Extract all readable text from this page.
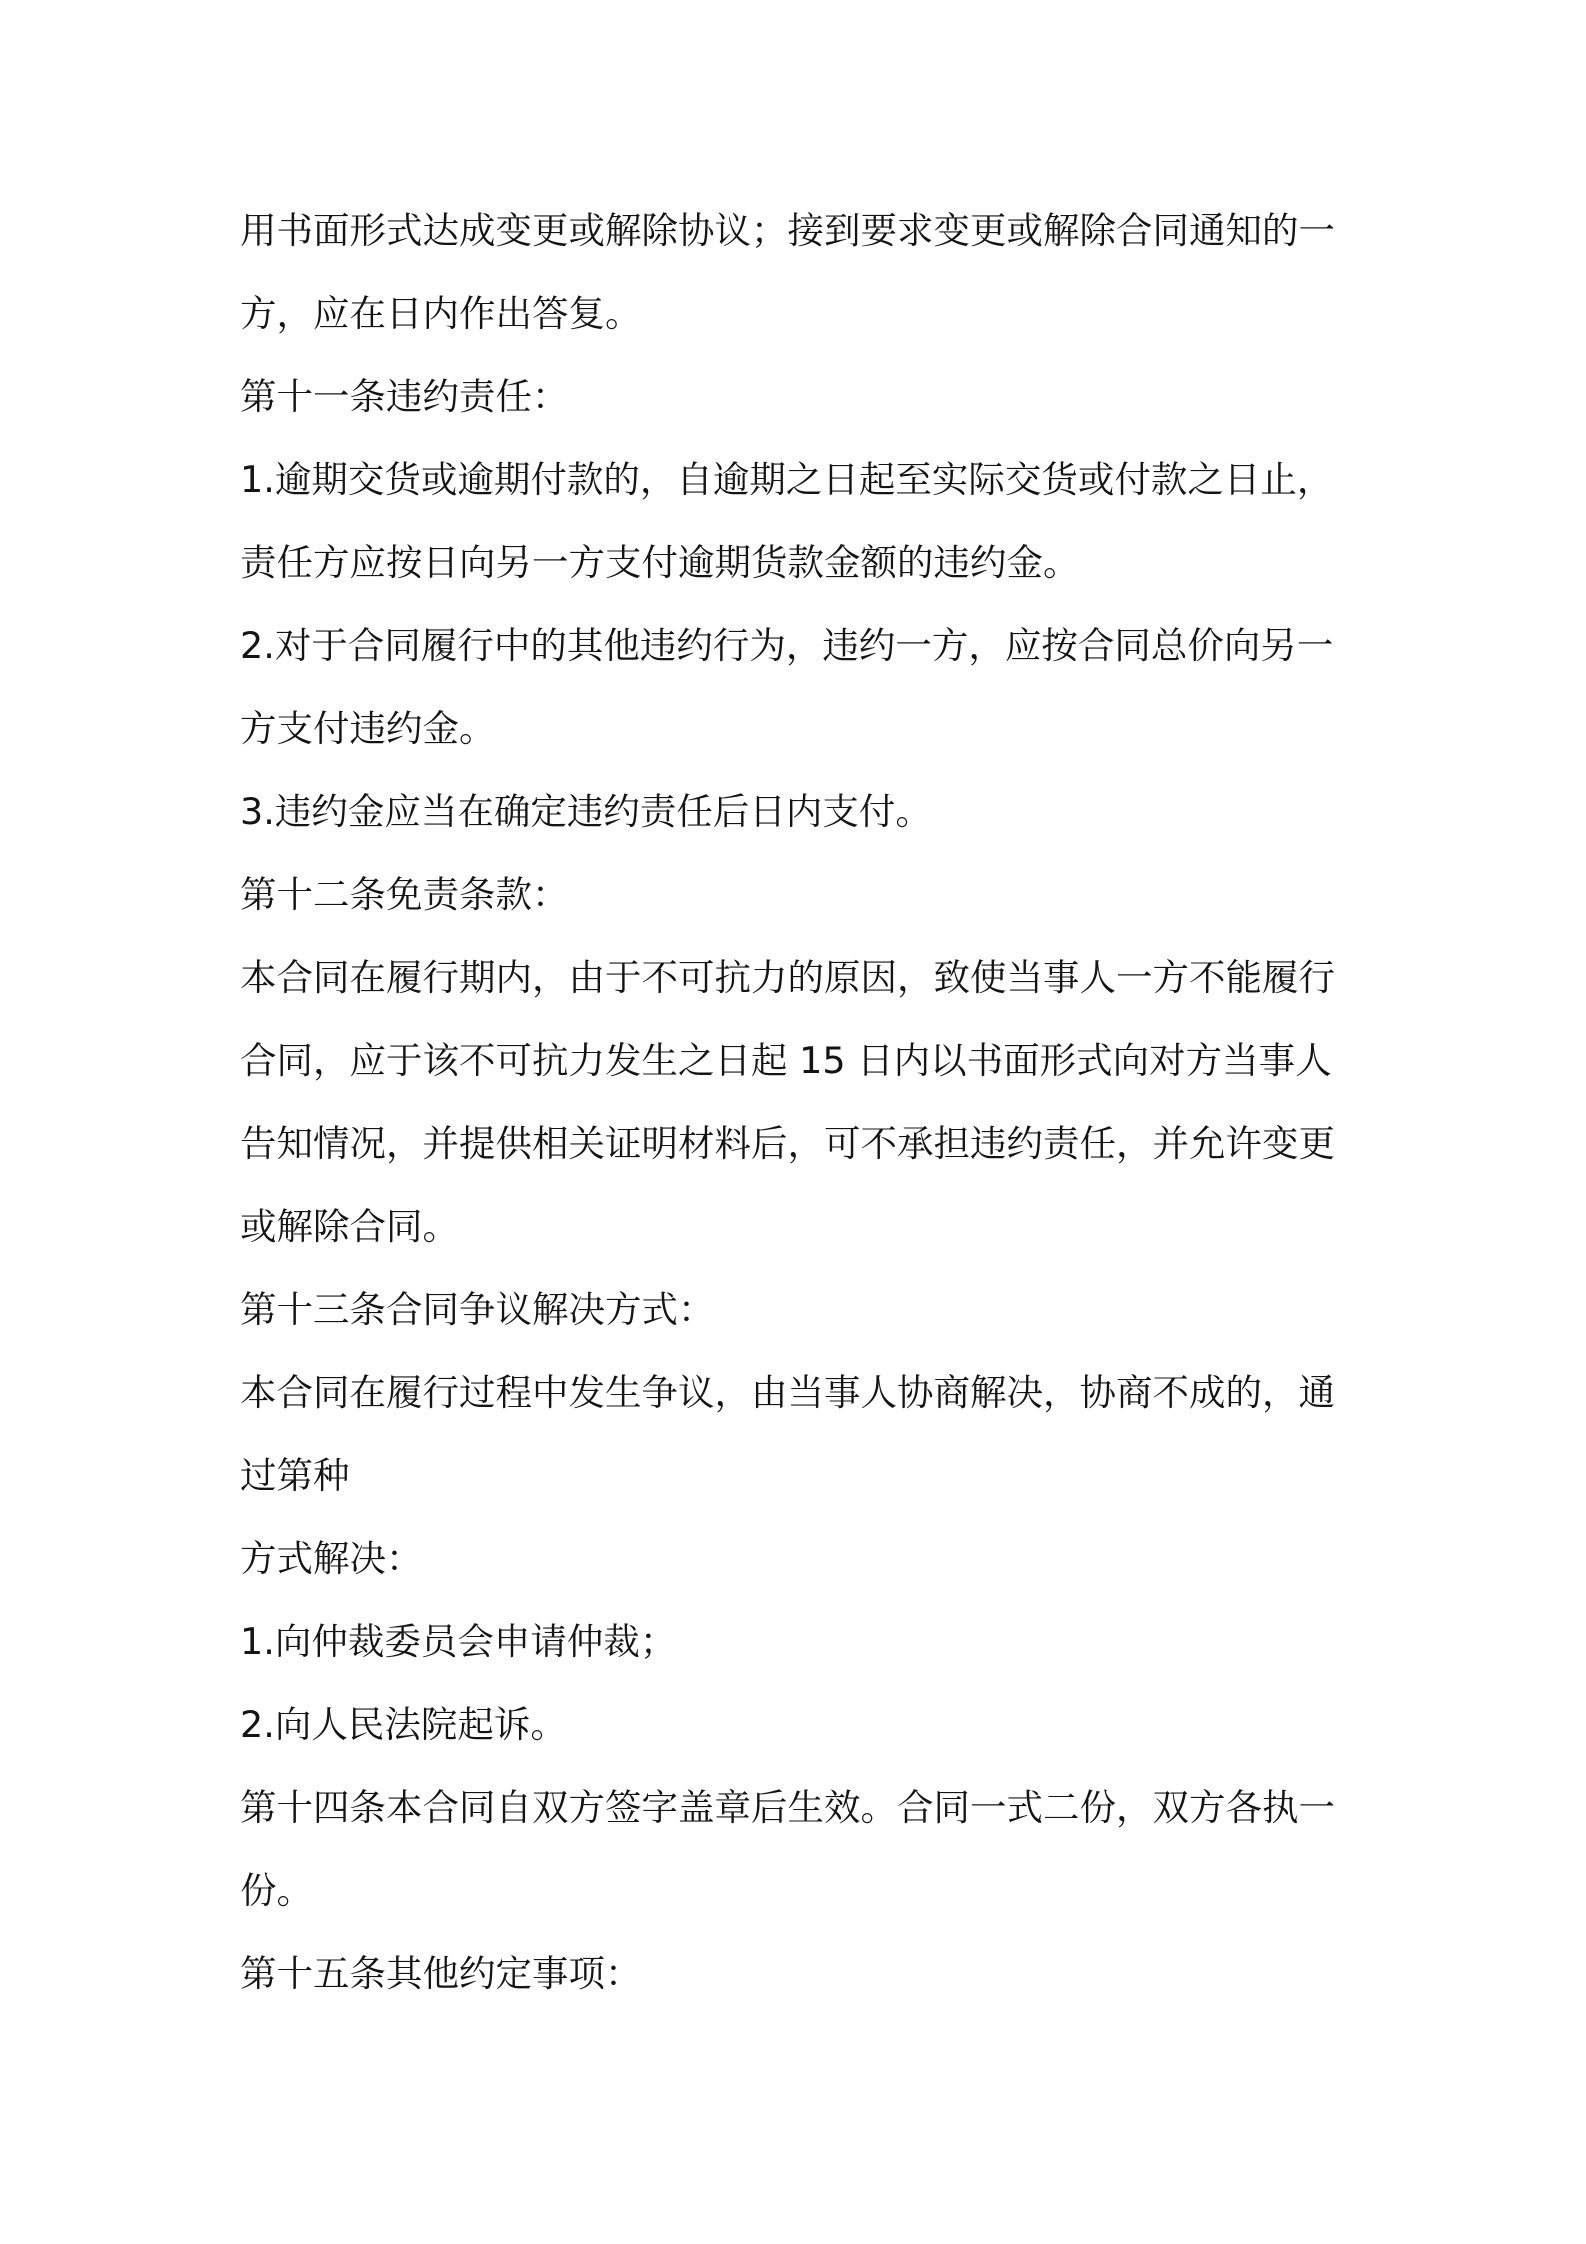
用书面形式达成变更或解除协议；接到要求变更或解除合同通知的一
方，应在日内作出答复。
第十一条违约责任：
1.逾期交货或逾期付款的，自逾期之日起至实际交货或付款之日止，
责任方应按日向另一方支付逾期货款金额的违约金。
2.对于合同履行中的其他违约行为，违约一方，应按合同总价向另一
方支付违约金。
3.违约金应当在确定违约责任后日内支付。
第十二条免责条款：
本合同在履行期内，由于不可抗力的原因，致使当事人一方不能履行
合同，应于该不可抗力发生之日起 15 日内以书面形式向对方当事人
告知情况，并提供相关证明材料后，可不承担违约责任，并允许变更
或解除合同。
第十三条合同争议解决方式：
本合同在履行过程中发生争议，由当事人协商解决，协商不成的，通
过第种
方式解决：
1.向仲裁委员会申请仲裁；
2.向人民法院起诉。
第十四条本合同自双方签字盖章后生效。合同一式二份，双方各执一
份。
第十五条其他约定事项：
